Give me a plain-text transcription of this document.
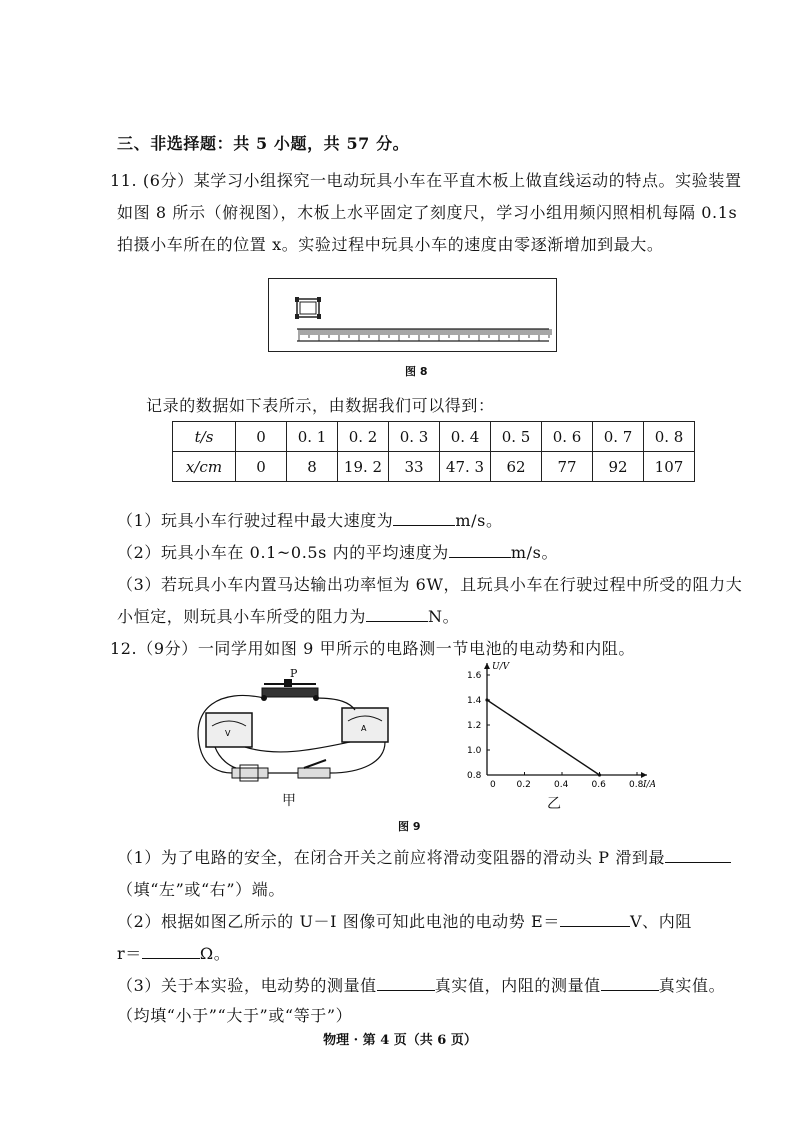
三、非选择题：共 5 小题，共 57 分。
11. (6分）某学习小组探究一电动玩具小车在平直木板上做直线运动的特点。实验装置
如图 8 所示（俯视图），木板上水平固定了刻度尺，学习小组用频闪照相机每隔 0.1s
拍摄小车所在的位置 x。实验过程中玩具小车的速度由零逐渐增加到最大。
图 8
记录的数据如下表所示，由数据我们可以得到：
t/s	0	0. 1	0. 2	0. 3	0. 4	0. 5	0. 6	0. 7	0. 8
x/cm	0	8	19. 2	33	47. 3	62	77	92	107
（1）玩具小车行驶过程中最大速度为	m/s。
（2）玩具小车在 0.1~0.5s 内的平均速度为	m/s。
（3）若玩具小车内置马达输出功率恒为 6W，且玩具小车在行驶过程中所受的阻力大
小恒定，则玩具小车所受的阻力为	N。
12.（9分）一同学用如图 9 甲所示的电路测一节电池的电动势和内阻。
P
V
A
甲
0 0.2	0.4	0.6	0.8
0.8
1.0
1.2
1.4
1.6
I/A
U/V
乙
图 9
（1）为了电路的安全，在闭合开关之前应将滑动变阻器的滑动头 P 滑到最
（填“左”或“右”）端。
（2）根据如图乙所示的 U－I 图像可知此电池的电动势 E＝	V、内阻
r＝	Ω。
（3）关于本实验，电动势的测量值	真实值，内阻的测量值	真实值。
（均填“小于”“大于”或“等于”）
物理 · 第 4 页（共 6 页）
